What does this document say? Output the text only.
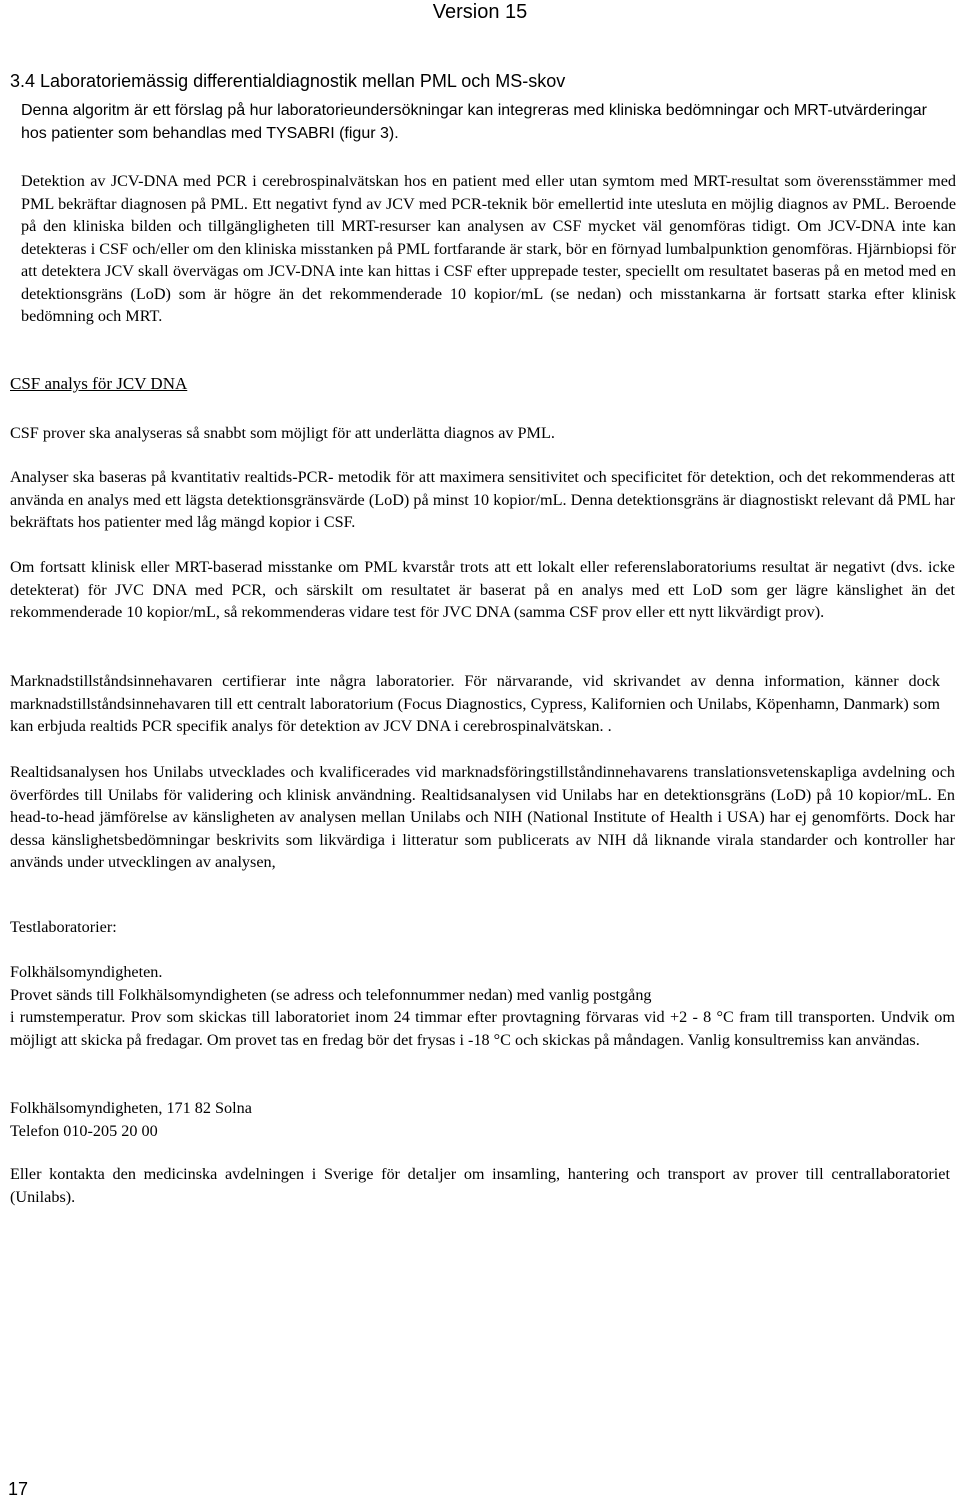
Version 15
3.4 Laboratoriemässig differentialdiagnostik mellan PML och MS-skov

Denna algoritm är ett förslag på hur laboratorieundersökningar kan integreras med kliniska bedömningar och MRT-utvärderingar hos patienter som behandlas med TYSABRI (figur 3).

Detektion av JCV-DNA med PCR i cerebrospinalvätskan hos en patient med eller utan symtom med MRT-resultat som överensstämmer med PML bekräftar diagnosen på PML. Ett negativt fynd av JCV med PCR-teknik bör emellertid inte utesluta en möjlig diagnos av PML. Beroende på den kliniska bilden och tillgängligheten till MRT-resurser kan analysen av CSF mycket väl genomföras tidigt. Om JCV-DNA inte kan detekteras i CSF och/eller om den kliniska misstanken på PML fortfarande är stark, bör en förnyad lumbalpunktion genomföras. Hjärnbiopsi för att detektera JCV skall övervägas om JCV-DNA inte kan hittas i CSF efter upprepade tester, speciellt om resultatet baseras på en metod med en detektionsgräns (LoD) som är högre än det rekommenderade 10 kopior/mL (se nedan) och misstankarna är fortsatt starka efter klinisk bedömning och MRT.

CSF analys för JCV DNA

CSF prover ska analyseras så snabbt som möjligt för att underlätta diagnos av PML.

Analyser ska baseras på kvantitativ realtids-PCR- metodik för att maximera sensitivitet och specificitet för detektion, och det rekommenderas att använda en analys med ett lägsta detektionsgränsvärde (LoD) på minst 10 kopior/mL. Denna detektionsgräns är diagnostiskt relevant då PML har bekräftats hos patienter med låg mängd kopior i CSF.

Om fortsatt klinisk eller MRT-baserad misstanke om PML kvarstår trots att ett lokalt eller referenslaboratoriums resultat är negativt (dvs. icke detekterat) för JVC DNA med PCR, och särskilt om resultatet är baserat på en analys med ett LoD som ger lägre känslighet än det rekommenderade 10 kopior/mL, så rekommenderas vidare test för JVC DNA (samma CSF prov eller ett nytt likvärdigt prov).

Marknadstillståndsinnehavaren certifierar inte några laboratorier. För närvarande, vid skrivandet av denna information, känner dock marknadstillståndsinnehavaren till ett centralt laboratorium (Focus Diagnostics, Cypress, Kalifornien och Unilabs, Köpenhamn, Danmark) som kan erbjuda realtids PCR specifik analys för detektion av JCV DNA i cerebrospinalvätskan. .

Realtidsanalysen hos Unilabs utvecklades och kvalificerades vid marknadsföringstillståndinnehavarens translationsvetenskapliga avdelning och överfördes till Unilabs för validering och klinisk användning. Realtidsanalysen vid Unilabs har en detektionsgräns (LoD) på 10 kopior/mL. En head-to-head jämförelse av känsligheten av analysen mellan Unilabs och NIH (National Institute of Health i USA) har ej genomförts. Dock har dessa känslighetsbedömningar beskrivits som likvärdiga i litteratur som publicerats av NIH då liknande virala standarder och kontroller har används under utvecklingen av analysen,

Testlaboratorier:

Folkhälsomyndigheten.
Provet sänds till Folkhälsomyndigheten (se adress och telefonnummer nedan) med vanlig postgång
i rumstemperatur. Prov som skickas till laboratoriet inom 24 timmar efter provtagning förvaras vid +2 - 8 °C fram till transporten. Undvik om möjligt att skicka på fredagar. Om provet tas en fredag bör det frysas i -18 °C och skickas på måndagen. Vanlig konsultremiss kan användas.

Folkhälsomyndigheten, 171 82 Solna

Telefon 010-205 20 00

Eller kontakta den medicinska avdelningen i Sverige för detaljer om insamling, hantering och transport av prover till centrallaboratoriet (Unilabs).

17
